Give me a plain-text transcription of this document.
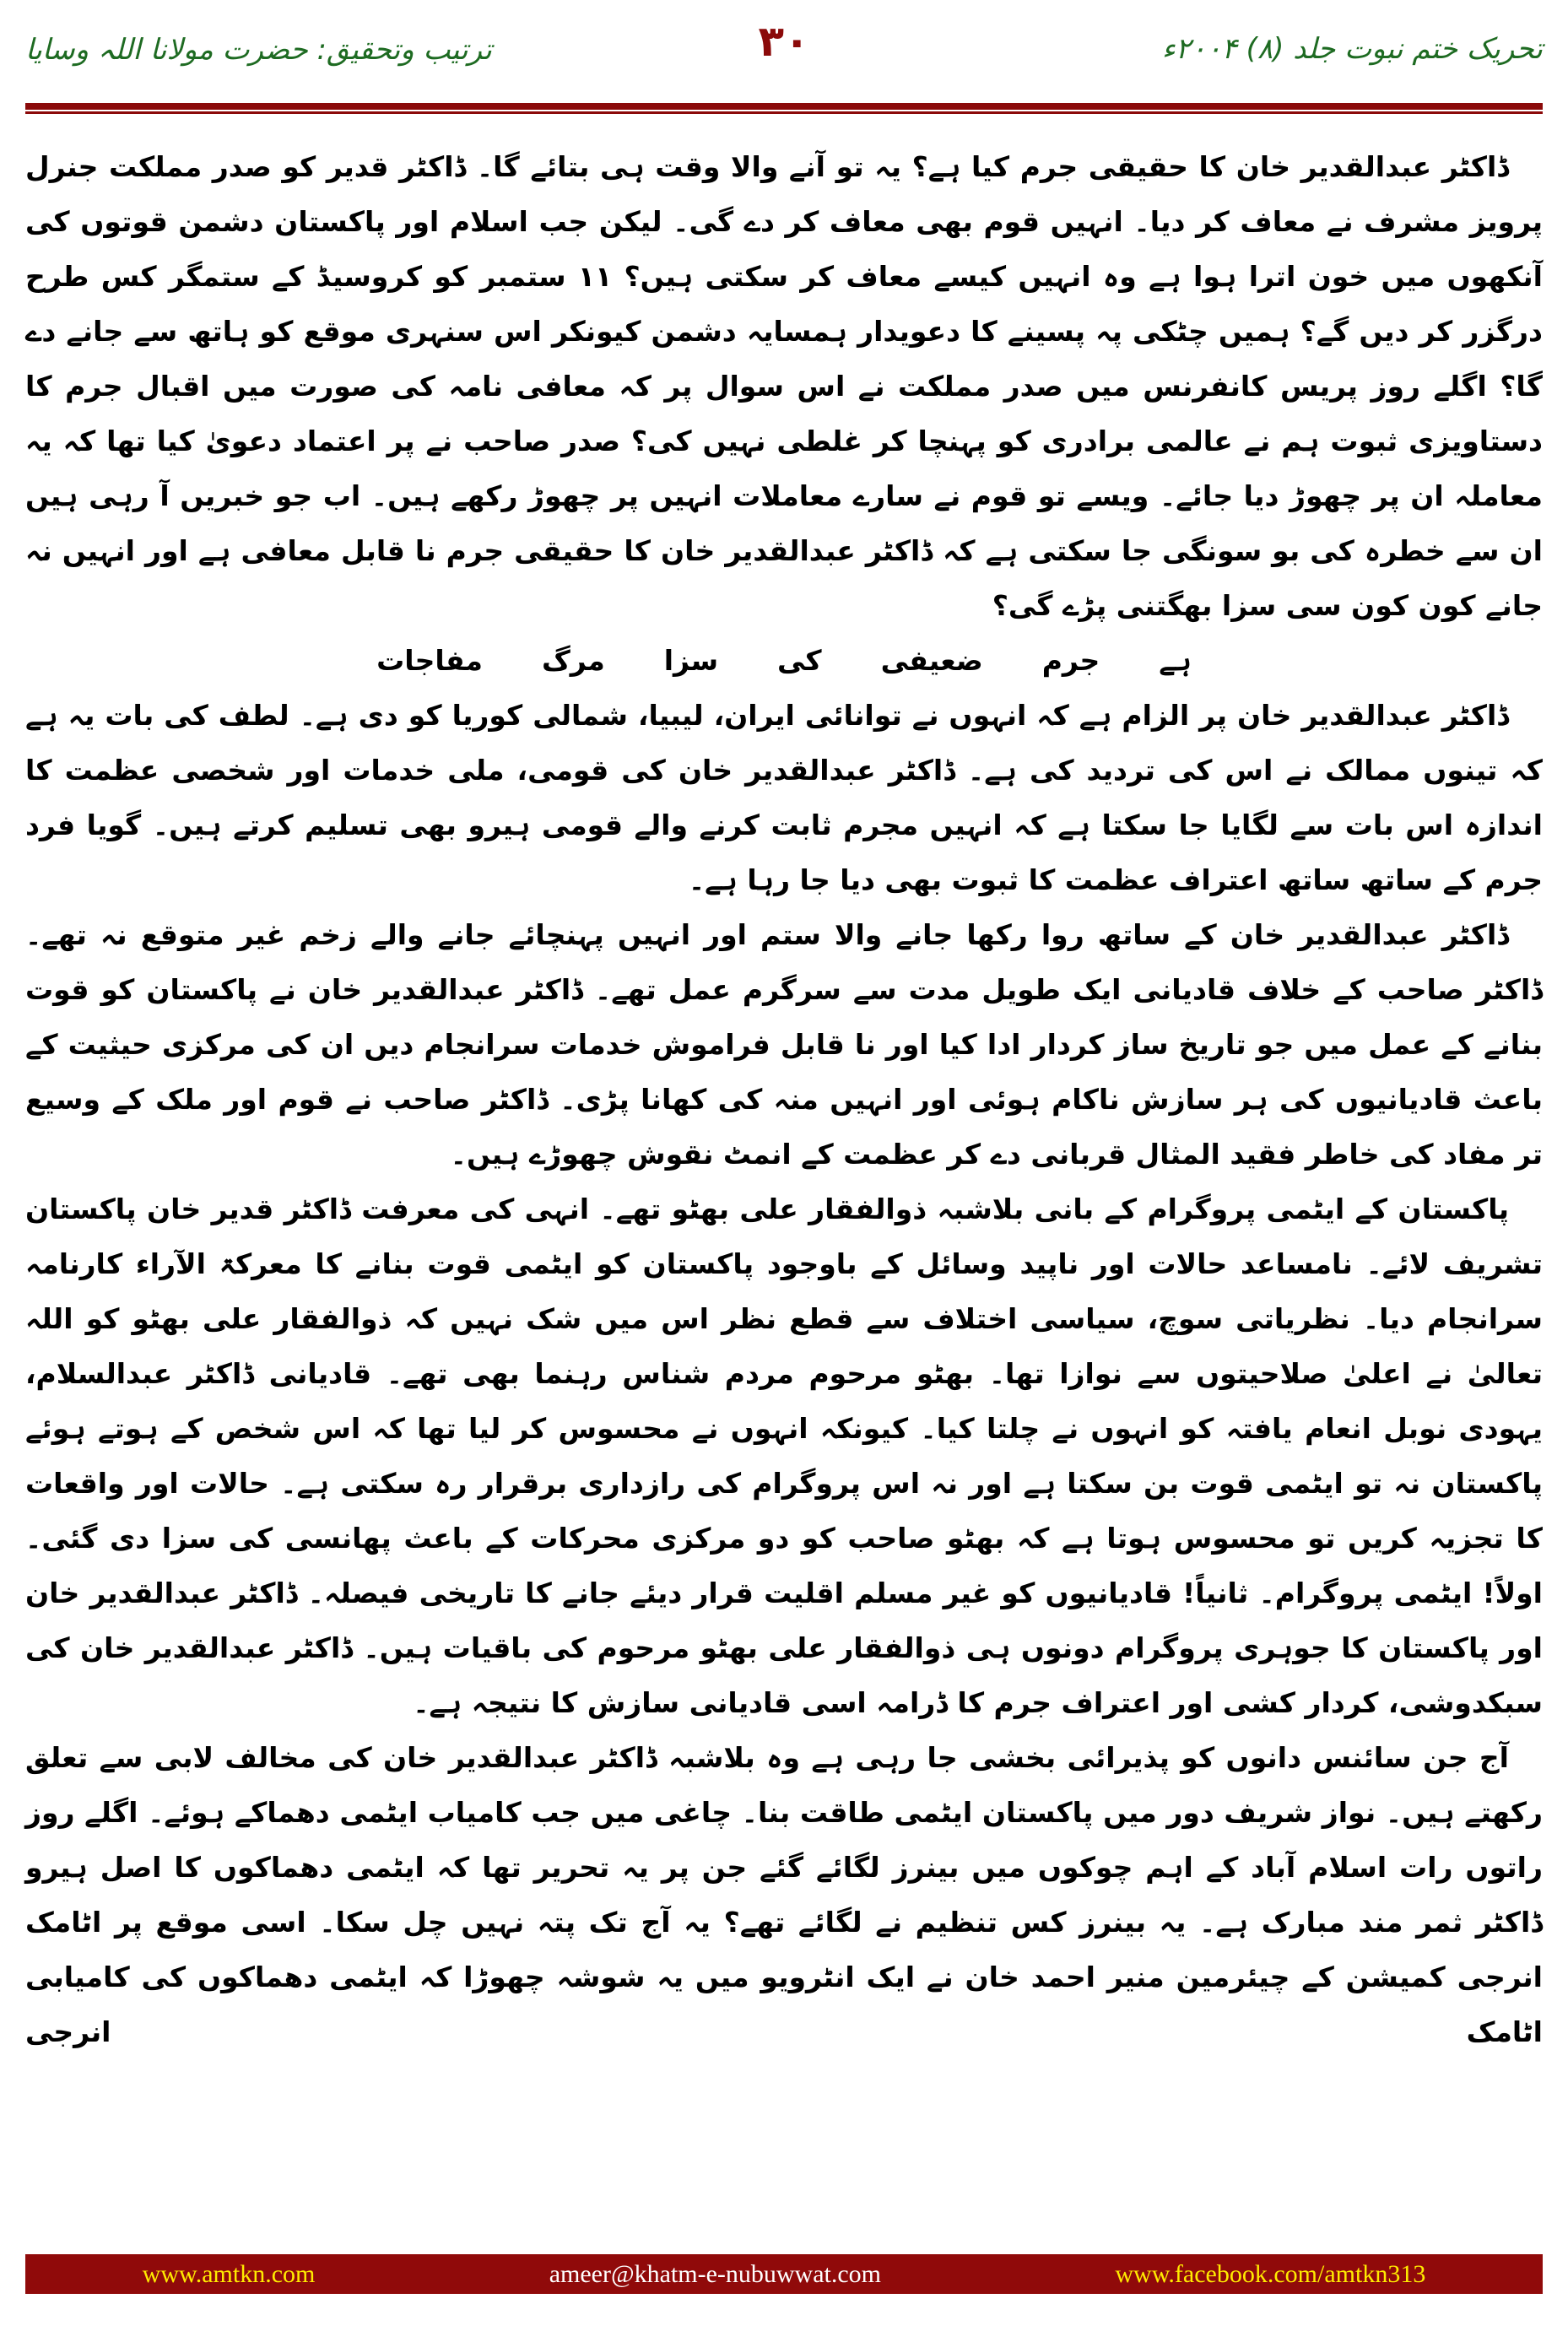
تحریک ختم نبوت جلد (۸) ۲۰۰۴ء
۳۰
ترتیب وتحقیق: حضرت مولانا اللہ وسایا

ڈاکٹر عبدالقدیر خان کا حقیقی جرم کیا ہے؟ یہ تو آنے والا وقت ہی بتائے گا۔ ڈاکٹر قدیر کو صدر مملکت جنرل پرویز مشرف نے معاف کر دیا۔ انہیں قوم بھی معاف کر دے گی۔ لیکن جب اسلام اور پاکستان دشمن قوتوں کی آنکھوں میں خون اترا ہوا ہے وہ انہیں کیسے معاف کر سکتی ہیں؟ ۱۱ ستمبر کو کروسیڈ کے ستمگر کس طرح درگزر کر دیں گے؟ ہمیں چٹکی پہ پسینے کا دعویدار ہمسایہ دشمن کیونکر اس سنہری موقع کو ہاتھ سے جانے دے گا؟ اگلے روز پریس کانفرنس میں صدر مملکت نے اس سوال پر کہ معافی نامہ کی صورت میں اقبال جرم کا دستاویزی ثبوت ہم نے عالمی برادری کو پہنچا کر غلطی نہیں کی؟ صدر صاحب نے پر اعتماد دعویٰ کیا تھا کہ یہ معاملہ ان پر چھوڑ دیا جائے۔ ویسے تو قوم نے سارے معاملات انہیں پر چھوڑ رکھے ہیں۔ اب جو خبریں آ رہی ہیں ان سے خطرہ کی بو سونگی جا سکتی ہے کہ ڈاکٹر عبدالقدیر خان کا حقیقی جرم نا قابل معافی ہے اور انہیں نہ جانے کون کون سی سزا بھگتنی پڑے گی؟

ہے
جرم
ضعیفی
کی
سزا
مرگ
مفاجات

ڈاکٹر عبدالقدیر خان پر الزام ہے کہ انہوں نے توانائی ایران، لیبیا، شمالی کوریا کو دی ہے۔ لطف کی بات یہ ہے کہ تینوں ممالک نے اس کی تردید کی ہے۔ ڈاکٹر عبدالقدیر خان کی قومی، ملی خدمات اور شخصی عظمت کا اندازہ اس بات سے لگایا جا سکتا ہے کہ انہیں مجرم ثابت کرنے والے قومی ہیرو بھی تسلیم کرتے ہیں۔ گویا فرد جرم کے ساتھ ساتھ اعتراف عظمت کا ثبوت بھی دیا جا رہا ہے۔

ڈاکٹر عبدالقدیر خان کے ساتھ روا رکھا جانے والا ستم اور انہیں پہنچائے جانے والے زخم غیر متوقع نہ تھے۔ ڈاکٹر صاحب کے خلاف قادیانی ایک طویل مدت سے سرگرم عمل تھے۔ ڈاکٹر عبدالقدیر خان نے پاکستان کو قوت بنانے کے عمل میں جو تاریخ ساز کردار ادا کیا اور نا قابل فراموش خدمات سرانجام دیں ان کی مرکزی حیثیت کے باعث قادیانیوں کی ہر سازش ناکام ہوئی اور انہیں منہ کی کھانا پڑی۔ ڈاکٹر صاحب نے قوم اور ملک کے وسیع تر مفاد کی خاطر فقید المثال قربانی دے کر عظمت کے انمٹ نقوش چھوڑے ہیں۔

پاکستان کے ایٹمی پروگرام کے بانی بلاشبہ ذوالفقار علی بھٹو تھے۔ انہی کی معرفت ڈاکٹر قدیر خان پاکستان تشریف لائے۔ نامساعد حالات اور ناپید وسائل کے باوجود پاکستان کو ایٹمی قوت بنانے کا معرکۃ الآراء کارنامہ سرانجام دیا۔ نظریاتی سوچ، سیاسی اختلاف سے قطع نظر اس میں شک نہیں کہ ذوالفقار علی بھٹو کو اللہ تعالیٰ نے اعلیٰ صلاحیتوں سے نوازا تھا۔ بھٹو مرحوم مردم شناس رہنما بھی تھے۔ قادیانی ڈاکٹر عبدالسلام، یہودی نوبل انعام یافتہ کو انہوں نے چلتا کیا۔ کیونکہ انہوں نے محسوس کر لیا تھا کہ اس شخص کے ہوتے ہوئے پاکستان نہ تو ایٹمی قوت بن سکتا ہے اور نہ اس پروگرام کی رازداری برقرار رہ سکتی ہے۔ حالات اور واقعات کا تجزیہ کریں تو محسوس ہوتا ہے کہ بھٹو صاحب کو دو مرکزی محرکات کے باعث پھانسی کی سزا دی گئی۔ اولاً! ایٹمی پروگرام۔ ثانیاً! قادیانیوں کو غیر مسلم اقلیت قرار دیئے جانے کا تاریخی فیصلہ۔ ڈاکٹر عبدالقدیر خان اور پاکستان کا جوہری پروگرام دونوں ہی ذوالفقار علی بھٹو مرحوم کی باقیات ہیں۔ ڈاکٹر عبدالقدیر خان کی سبکدوشی، کردار کشی اور اعتراف جرم کا ڈرامہ اسی قادیانی سازش کا نتیجہ ہے۔

آج جن سائنس دانوں کو پذیرائی بخشی جا رہی ہے وہ بلاشبہ ڈاکٹر عبدالقدیر خان کی مخالف لابی سے تعلق رکھتے ہیں۔ نواز شریف دور میں پاکستان ایٹمی طاقت بنا۔ چاغی میں جب کامیاب ایٹمی دھماکے ہوئے۔ اگلے روز راتوں رات اسلام آباد کے اہم چوکوں میں بینرز لگائے گئے جن پر یہ تحریر تھا کہ ایٹمی دھماکوں کا اصل ہیرو ڈاکٹر ثمر مند مبارک ہے۔ یہ بینرز کس تنظیم نے لگائے تھے؟ یہ آج تک پتہ نہیں چل سکا۔ اسی موقع پر اٹامک انرجی کمیشن کے چیئرمین منیر احمد خان نے ایک انٹرویو میں یہ شوشہ چھوڑا کہ ایٹمی دھماکوں کی کامیابی اٹامک انرجی

www.amtkn.com	ameer@khatm-e-nubuwwat.com	www.facebook.com/amtkn313
